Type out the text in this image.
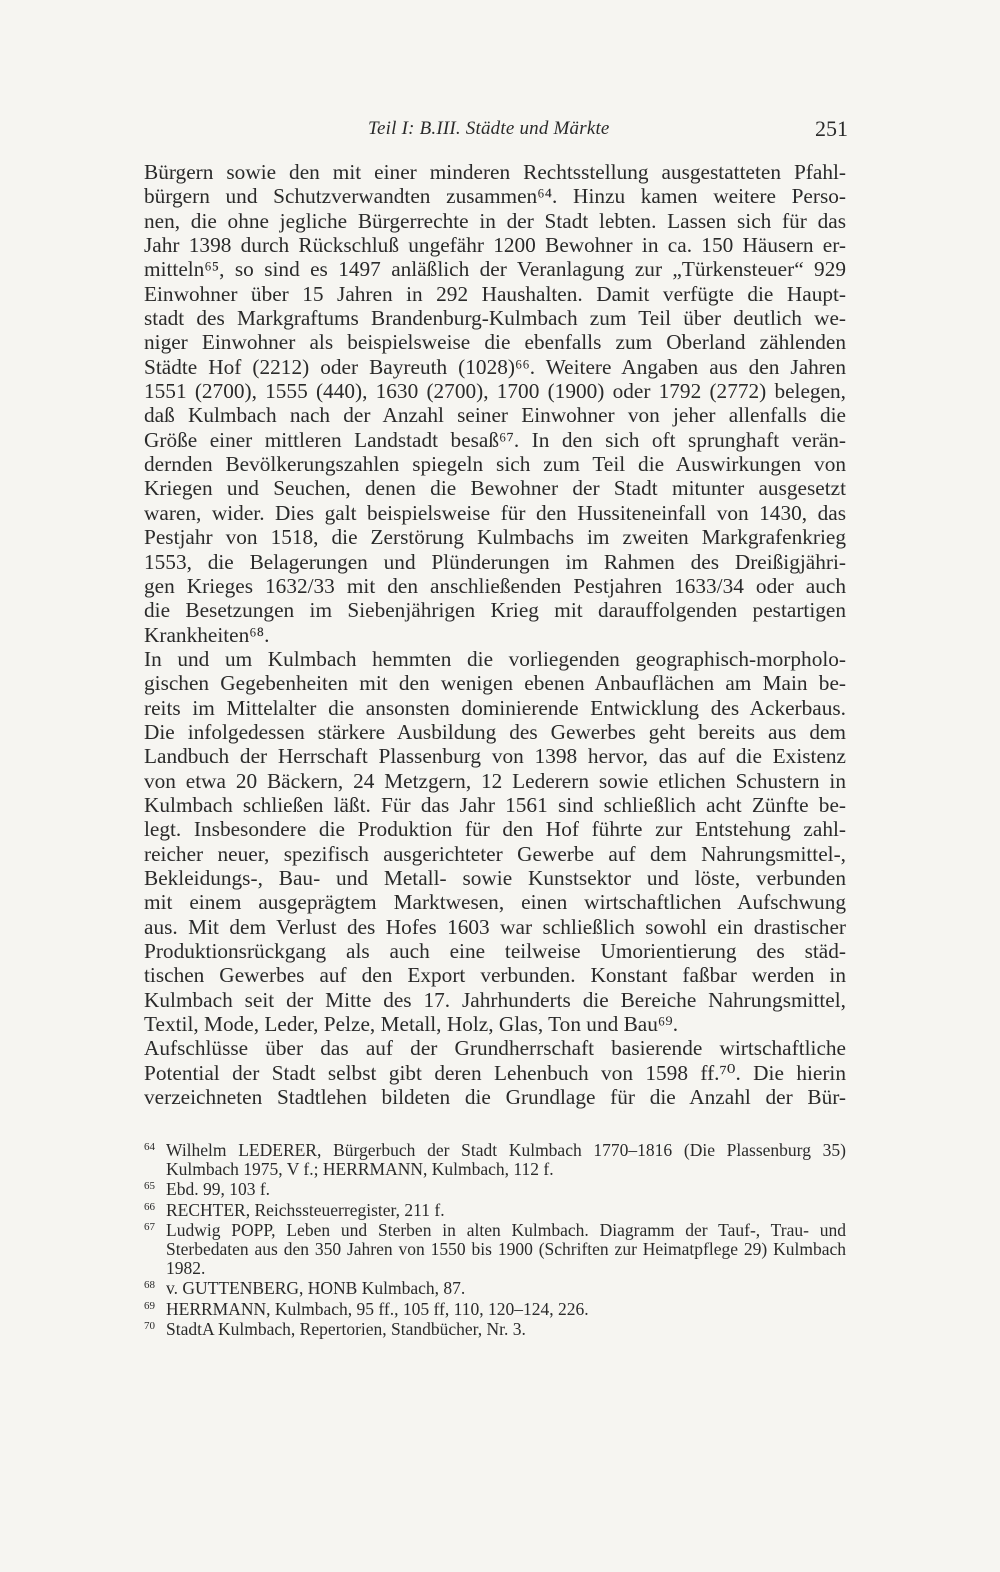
Teil I: B.III. Städte und Märkte	251
Bürgern sowie den mit einer minderen Rechtsstellung ausgestatteten Pfahl-
bürgern und Schutzverwandten zusammen⁶⁴. Hinzu kamen weitere Perso-
nen, die ohne jegliche Bürgerrechte in der Stadt lebten. Lassen sich für das
Jahr 1398 durch Rückschluß ungefähr 1200 Bewohner in ca. 150 Häusern er-
mitteln⁶⁵, so sind es 1497 anläßlich der Veranlagung zur „Türkensteuer“ 929
Einwohner über 15 Jahren in 292 Haushalten. Damit verfügte die Haupt-
stadt des Markgraftums Brandenburg-Kulmbach zum Teil über deutlich we-
niger Einwohner als beispielsweise die ebenfalls zum Oberland zählenden
Städte Hof (2212) oder Bayreuth (1028)⁶⁶. Weitere Angaben aus den Jahren
1551 (2700), 1555 (440), 1630 (2700), 1700 (1900) oder 1792 (2772) belegen,
daß Kulmbach nach der Anzahl seiner Einwohner von jeher allenfalls die
Größe einer mittleren Landstadt besaß⁶⁷. In den sich oft sprunghaft verän-
dernden Bevölkerungszahlen spiegeln sich zum Teil die Auswirkungen von
Kriegen und Seuchen, denen die Bewohner der Stadt mitunter ausgesetzt
waren, wider. Dies galt beispielsweise für den Hussiteneinfall von 1430, das
Pestjahr von 1518, die Zerstörung Kulmbachs im zweiten Markgrafenkrieg
1553, die Belagerungen und Plünderungen im Rahmen des Dreißigjähri-
gen Krieges 1632/33 mit den anschließenden Pestjahren 1633/34 oder auch
die Besetzungen im Siebenjährigen Krieg mit darauffolgenden pestartigen
Krankheiten⁶⁸.
In und um Kulmbach hemmten die vorliegenden geographisch-morpholo-
gischen Gegebenheiten mit den wenigen ebenen Anbauflächen am Main be-
reits im Mittelalter die ansonsten dominierende Entwicklung des Ackerbaus.
Die infolgedessen stärkere Ausbildung des Gewerbes geht bereits aus dem
Landbuch der Herrschaft Plassenburg von 1398 hervor, das auf die Existenz
von etwa 20 Bäckern, 24 Metzgern, 12 Lederern sowie etlichen Schustern in
Kulmbach schließen läßt. Für das Jahr 1561 sind schließlich acht Zünfte be-
legt. Insbesondere die Produktion für den Hof führte zur Entstehung zahl-
reicher neuer, spezifisch ausgerichteter Gewerbe auf dem Nahrungsmittel-,
Bekleidungs-, Bau- und Metall- sowie Kunstsektor und löste, verbunden
mit einem ausgeprägtem Marktwesen, einen wirtschaftlichen Aufschwung
aus. Mit dem Verlust des Hofes 1603 war schließlich sowohl ein drastischer
Produktionsrückgang als auch eine teilweise Umorientierung des städ-
tischen Gewerbes auf den Export verbunden. Konstant faßbar werden in
Kulmbach seit der Mitte des 17. Jahrhunderts die Bereiche Nahrungsmittel,
Textil, Mode, Leder, Pelze, Metall, Holz, Glas, Ton und Bau⁶⁹.
Aufschlüsse über das auf der Grundherrschaft basierende wirtschaftliche
Potential der Stadt selbst gibt deren Lehenbuch von 1598 ff.⁷⁰. Die hierin
verzeichneten Stadtlehen bildeten die Grundlage für die Anzahl der Bür-
64 Wilhelm LEDERER, Bürgerbuch der Stadt Kulmbach 1770–1816 (Die Plassenburg 35) Kulmbach 1975, V f.; HERRMANN, Kulmbach, 112 f.
65 Ebd. 99, 103 f.
66 RECHTER, Reichssteuerregister, 211 f.
67 Ludwig POPP, Leben und Sterben in alten Kulmbach. Diagramm der Tauf-, Trau- und Sterbedaten aus den 350 Jahren von 1550 bis 1900 (Schriften zur Heimatpflege 29) Kulmbach 1982.
68 v. GUTTENBERG, HONB Kulmbach, 87.
69 HERRMANN, Kulmbach, 95 ff., 105 ff, 110, 120–124, 226.
70 StadtA Kulmbach, Repertorien, Standbücher, Nr. 3.
